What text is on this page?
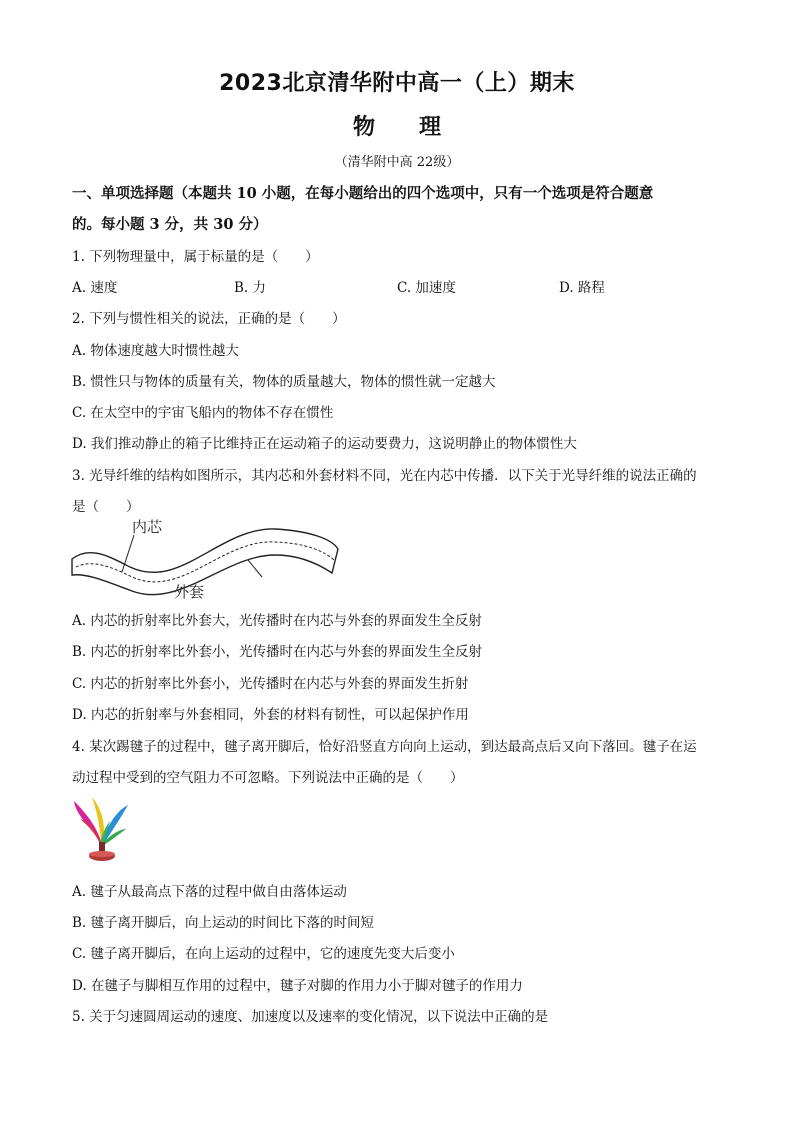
2023北京清华附中高一（上）期末
物理
（清华附中高 22级）
一、单项选择题（本题共 10 小题，在每小题给出的四个选项中，只有一个选项是符合题意
的。每小题 3 分，共 30 分）
1. 下列物理量中，属于标量的是（　　）
A. 速度	B. 力	C. 加速度	D. 路程
2. 下列与惯性相关的说法，正确的是（　　）
A. 物体速度越大时惯性越大
B. 惯性只与物体的质量有关，物体的质量越大，物体的惯性就一定越大
C. 在太空中的宇宙飞船内的物体不存在惯性
D. 我们推动静止的箱子比维持正在运动箱子的运动要费力，这说明静止的物体惯性大
3. 光导纤维的结构如图所示，其内芯和外套材料不同，光在内芯中传播．以下关于光导纤维的说法正确的
是（　　）
内芯
外套
A. 内芯的折射率比外套大，光传播时在内芯与外套的界面发生全反射
B. 内芯的折射率比外套小，光传播时在内芯与外套的界面发生全反射
C. 内芯的折射率比外套小，光传播时在内芯与外套的界面发生折射
D. 内芯的折射率与外套相同，外套的材料有韧性，可以起保护作用
4. 某次踢毽子的过程中，毽子离开脚后，恰好沿竖直方向向上运动，到达最高点后又向下落回。毽子在运
动过程中受到的空气阻力不可忽略。下列说法中正确的是（　　）
A. 毽子从最高点下落的过程中做自由落体运动
B. 毽子离开脚后，向上运动的时间比下落的时间短
C. 毽子离开脚后，在向上运动的过程中，它的速度先变大后变小
D. 在毽子与脚相互作用的过程中，毽子对脚的作用力小于脚对毽子的作用力
5. 关于匀速圆周运动的速度、加速度以及速率的变化情况，以下说法中正确的是
